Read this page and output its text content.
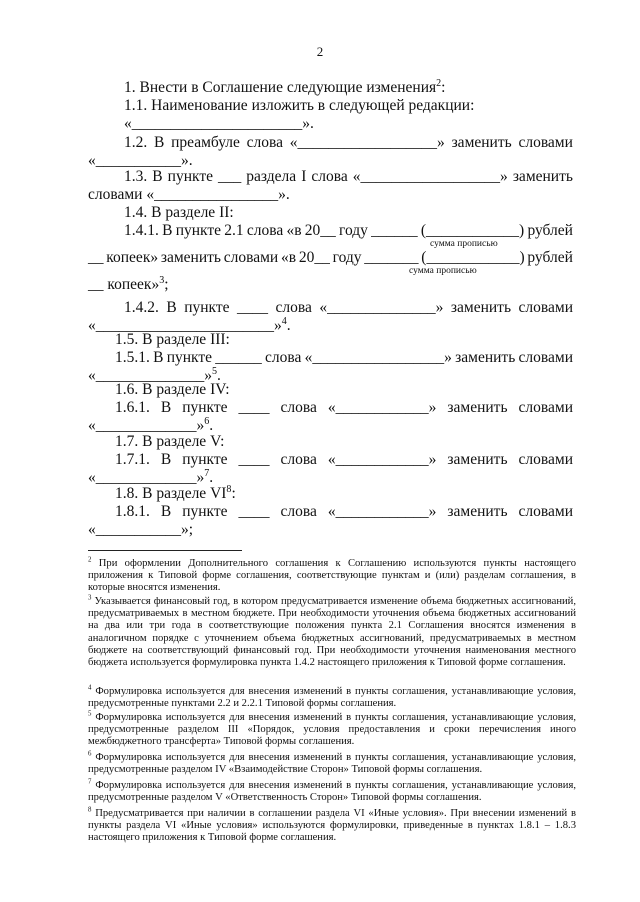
2
1. Внести в Соглашение следующие изменения$^2$:
1.1. Наименование изложить в следующей редакции:
«______________________».
1.2. В преамбуле слова «__________________» заменить словами
«___________».
1.3. В пункте ___ раздела I слова «__________________» заменить
словами «________________».
1.4. В разделе II:
1.4.1. В пункте 2.1 слова «в 20__ году ______ (____________) рублей
сумма прописью
__ копеек» заменить словами «в 20__ году _______ (____________) рублей
сумма прописью
__ копеек»$^3$;
1.4.2. В пункте ____ слова «______________» заменить словами
«_______________________»$^4$.
1.5. В разделе III:
1.5.1. В пункте ______ слова «_________________» заменить словами
«______________»$^5$.
1.6. В разделе IV:
1.6.1. В пункте ____ слова «____________» заменить словами
«_____________»$^6$.
1.7. В разделе V:
1.7.1. В пункте ____ слова «____________» заменить словами
«_____________»$^7$.
1.8. В разделе $VI^8$:
1.8.1. В пункте ____ слова «____________» заменить словами
«___________»;
$^2$ При оформлении Дополнительного соглашения к Соглашению используются пункты настоящего приложения к Типовой форме соглашения, соответствующие пунктам и (или) разделам соглашения, в которые вносятся изменения.
$^3$ Указывается финансовый год, в котором предусматривается изменение объема бюджетных ассигнований, предусматриваемых в местном бюджете. При необходимости уточнения объема бюджетных ассигнований на два или три года в соответствующие положения пункта 2.1 Соглашения вносятся изменения в аналогичном порядке с уточнением объема бюджетных ассигнований, предусматриваемых в местном бюджете на соответствующий финансовый год. При необходимости уточнения наименования местного бюджета используется формулировка пункта 1.4.2 настоящего приложения к Типовой форме соглашения.
$^4$ Формулировка используется для внесения изменений в пункты соглашения, устанавливающие условия, предусмотренные пунктами 2.2 и 2.2.1 Типовой формы соглашения.
$^5$ Формулировка используется для внесения изменений в пункты соглашения, устанавливающие условия, предусмотренные разделом III «Порядок, условия предоставления и сроки перечисления иного межбюджетного трансферта» Типовой формы соглашения.
$^6$ Формулировка используется для внесения изменений в пункты соглашения, устанавливающие условия, предусмотренные разделом IV «Взаимодействие Сторон» Типовой формы соглашения.
$^7$ Формулировка используется для внесения изменений в пункты соглашения, устанавливающие условия, предусмотренные разделом V «Ответственность Сторон» Типовой формы соглашения.
$^8$ Предусматривается при наличии в соглашении раздела VI «Иные условия». При внесении изменений в пункты раздела VI «Иные условия» используются формулировки, приведенные в пунктах 1.8.1 – 1.8.3 настоящего приложения к Типовой форме соглашения.
